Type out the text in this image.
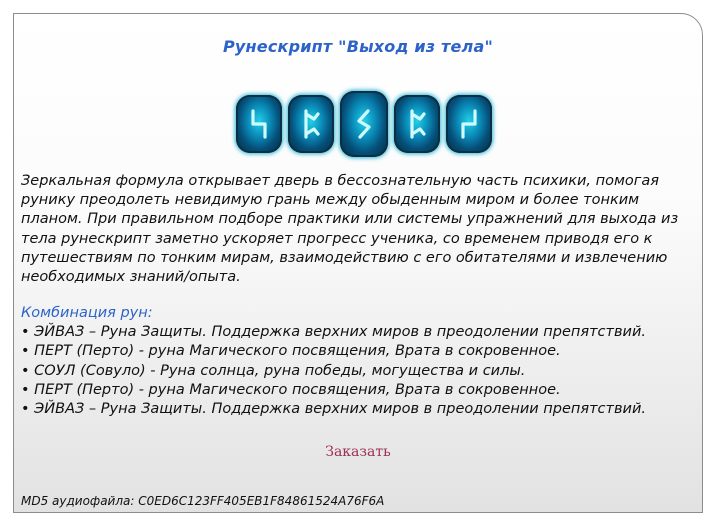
Рунескрипт "Выход из тела"

Зеркальная формула открывает дверь в бессознательную часть психики, помогая рунику преодолеть невидимую грань между обыденным миром и более тонким планом. При правильном подборе практики или системы упражнений для выхода из тела рунескрипт заметно ускоряет прогресс ученика, со временем приводя его к путешествиям по тонким мирам, взаимодействию с его обитателями и извлечению необходимых знаний/опыта.

Комбинация рун:
• ЭЙВАЗ – Руна Защиты. Поддержка верхних миров в преодолении препятствий.
• ПЕРТ (Перто) - руна Магического посвящения, Врата в сокровенное.
• СОУЛ (Совуло) - Руна солнца, руна победы, могущества и силы.
• ПЕРТ (Перто) - руна Магического посвящения, Врата в сокровенное.
• ЭЙВАЗ – Руна Защиты. Поддержка верхних миров в преодолении препятствий.
Заказать
MD5 аудиофайла: C0ED6C123FF405EB1F84861524A76F6A
